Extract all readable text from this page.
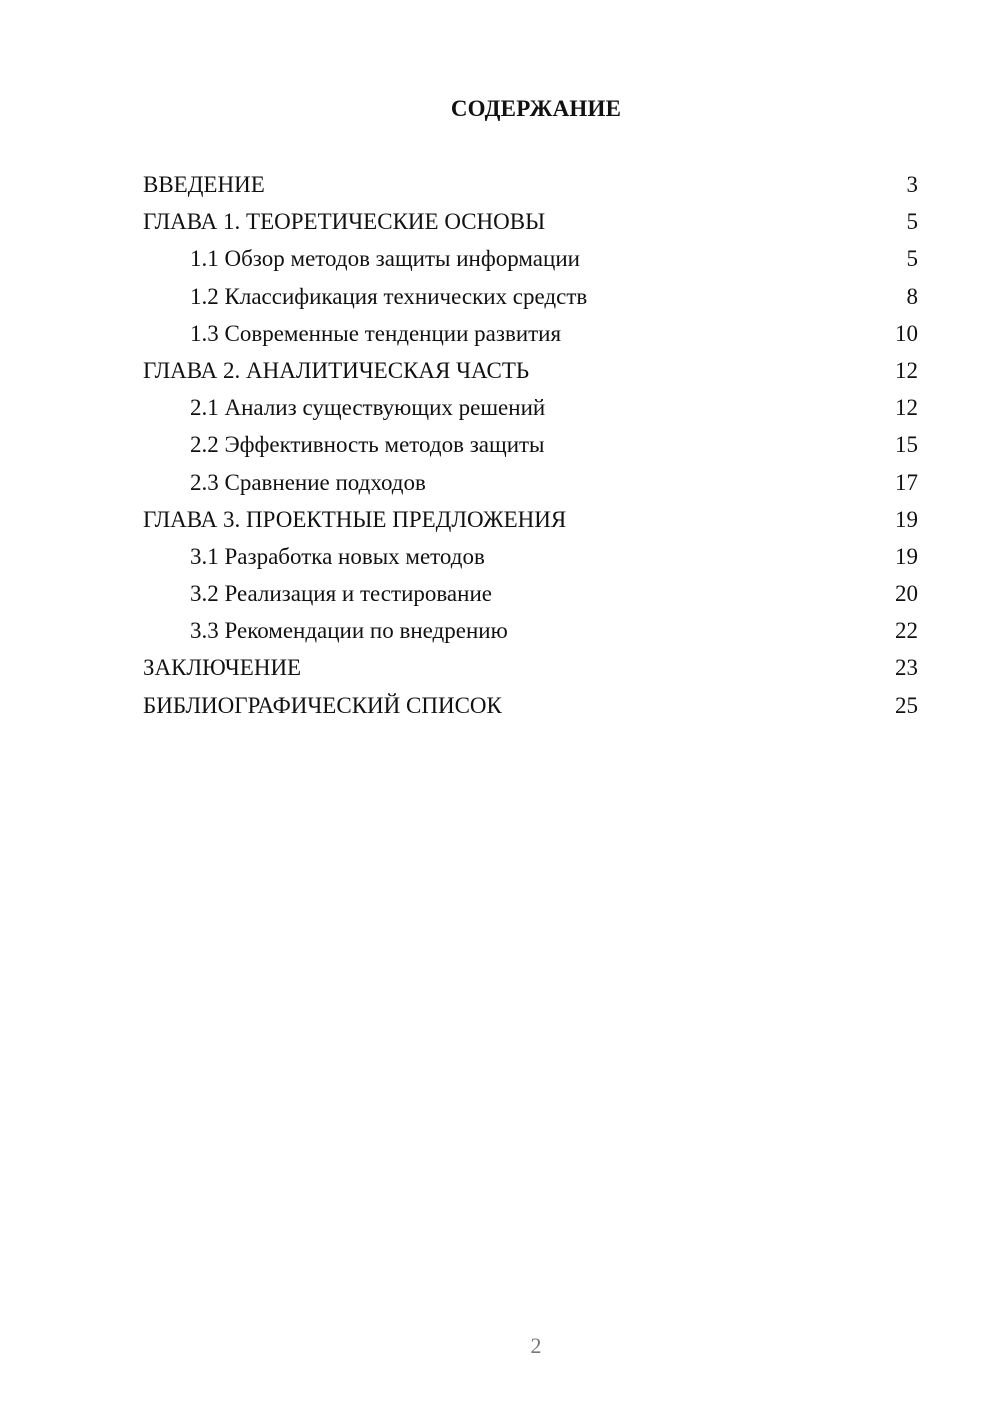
СОДЕРЖАНИЕ
ВВЕДЕНИЕ	3
ГЛАВА 1. ТЕОРЕТИЧЕСКИЕ ОСНОВЫ	5
1.1 Обзор методов защиты информации	5
1.2 Классификация технических средств	8
1.3 Современные тенденции развития	10
ГЛАВА 2. АНАЛИТИЧЕСКАЯ ЧАСТЬ	12
2.1 Анализ существующих решений	12
2.2 Эффективность методов защиты	15
2.3 Сравнение подходов	17
ГЛАВА 3. ПРОЕКТНЫЕ ПРЕДЛОЖЕНИЯ	19
3.1 Разработка новых методов	19
3.2 Реализация и тестирование	20
3.3 Рекомендации по внедрению	22
ЗАКЛЮЧЕНИЕ	23
БИБЛИОГРАФИЧЕСКИЙ СПИСОК	25
2
